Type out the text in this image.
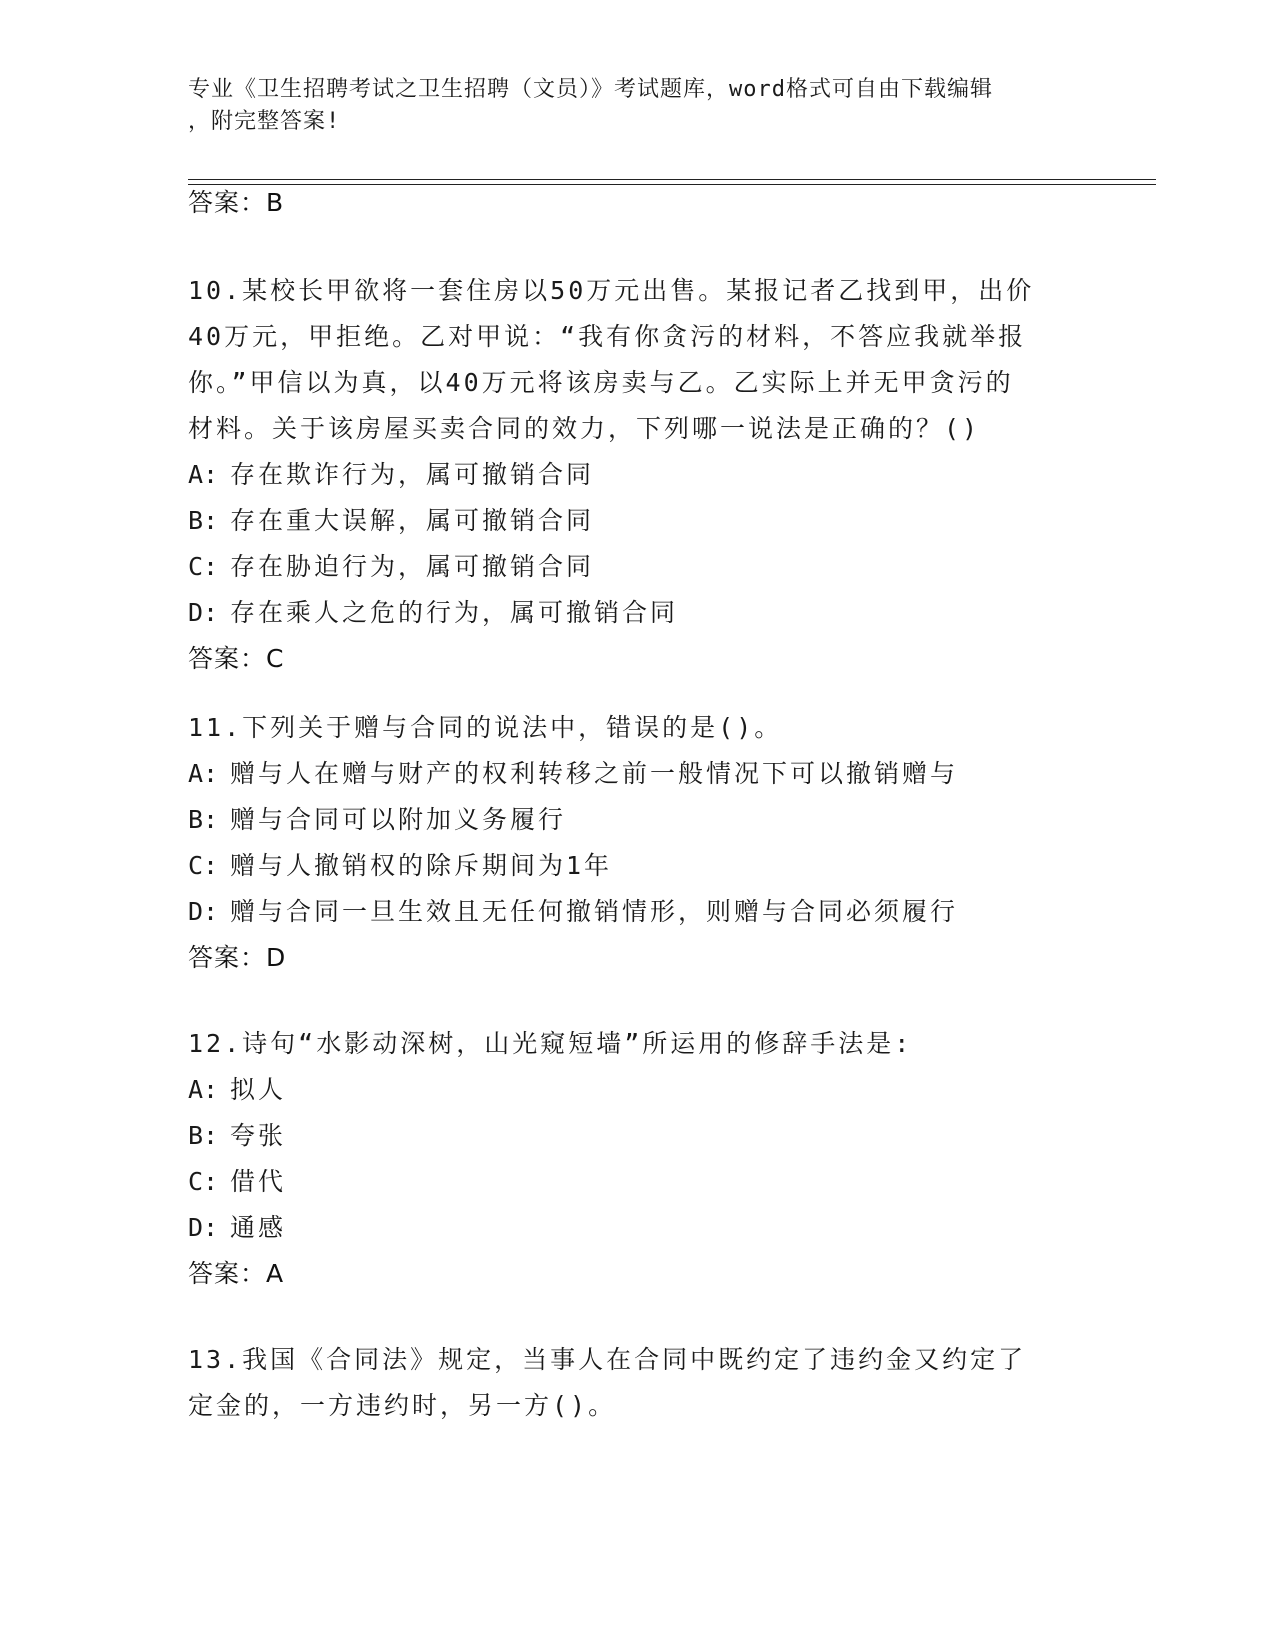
专业《卫生招聘考试之卫生招聘（文员）》考试题库，word格式可自由下载编辑
，附完整答案!
答案：B
10.某校长甲欲将一套住房以50万元出售。某报记者乙找到甲，出价40万元，甲拒绝。乙对甲说：“我有你贪污的材料，不答应我就举报你。”甲信以为真，以40万元将该房卖与乙。乙实际上并无甲贪污的材料。关于该房屋买卖合同的效力，下列哪一说法是正确的？()
A: 存在欺诈行为，属可撤销合同
B: 存在重大误解，属可撤销合同
C: 存在胁迫行为，属可撤销合同
D: 存在乘人之危的行为，属可撤销合同
答案：C
11.下列关于赠与合同的说法中，错误的是()。
A: 赠与人在赠与财产的权利转移之前一般情况下可以撤销赠与
B: 赠与合同可以附加义务履行
C: 赠与人撤销权的除斥期间为1年
D: 赠与合同一旦生效且无任何撤销情形，则赠与合同必须履行
答案：D
12.诗句“水影动深树，山光窥短墙”所运用的修辞手法是:
A: 拟人
B: 夸张
C: 借代
D: 通感
答案：A
13.我国《合同法》规定，当事人在合同中既约定了违约金又约定了定金的，一方违约时，另一方()。
